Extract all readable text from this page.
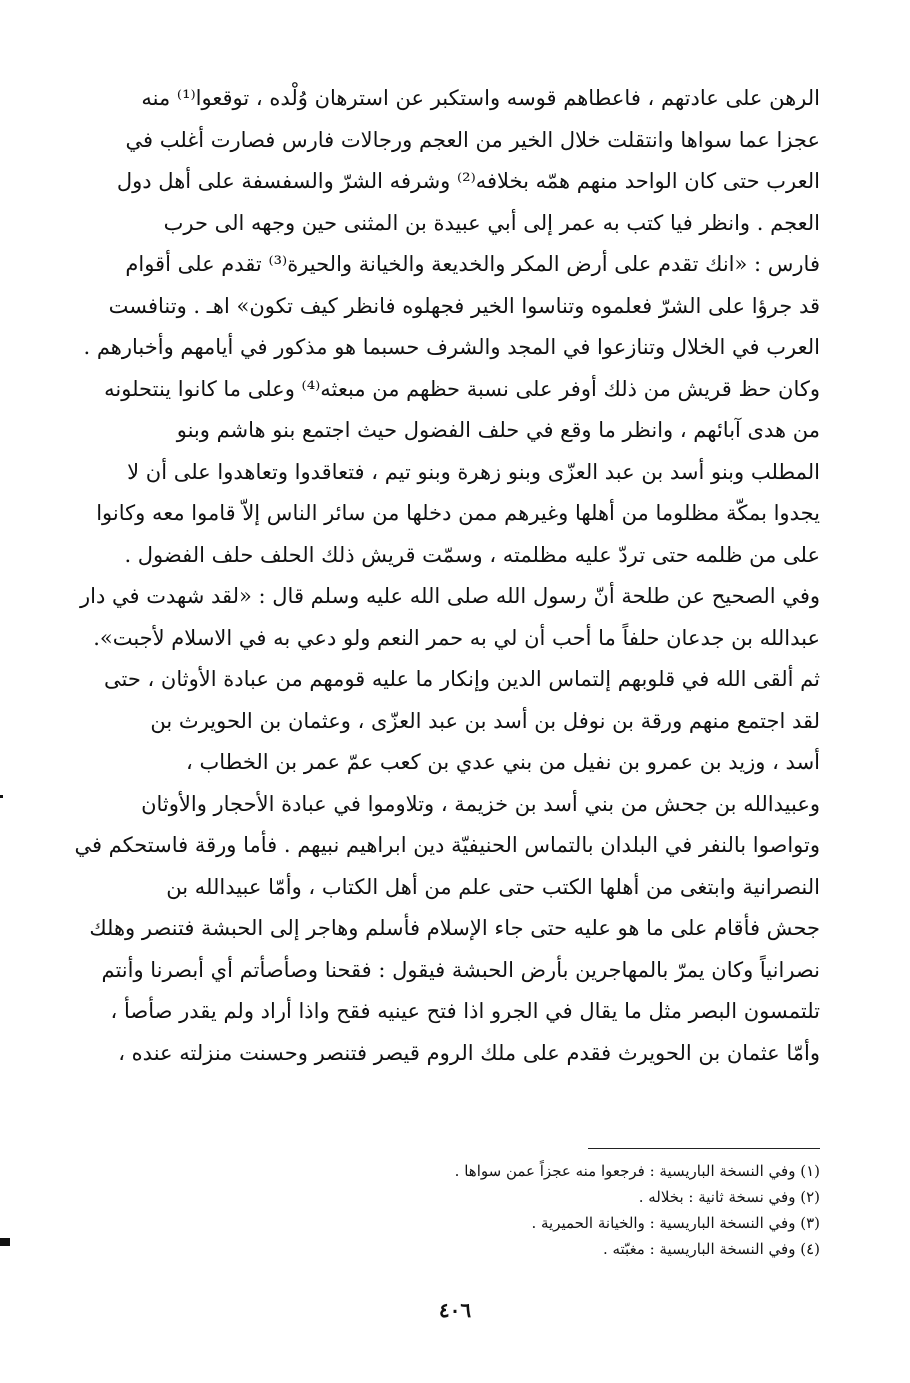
الرهن على عادتهم ، فاعطاهم قوسه واستكبر عن استرهان وُلْده ، توقعوا⁽¹⁾ منه
عجزا عما سواها وانتقلت خلال الخير من العجم ورجالات فارس فصارت أغلب في
العرب حتى كان الواحد منهم همّه بخلافه⁽²⁾ وشرفه الشرّ والسفسفة على أهل دول
العجم . وانظر فيا كتب به عمر إلى أبي عبيدة بن المثنى حين وجهه الى حرب
فارس : «انك تقدم على أرض المكر والخديعة والخيانة والحيرة⁽³⁾ تقدم على أقوام
قد جرؤا على الشرّ فعلموه وتناسوا الخير فجهلوه فانظر كيف تكون» اهـ . وتنافست
العرب في الخلال وتنازعوا في المجد والشرف حسبما هو مذكور في أيامهم وأخبارهم .
وكان حظ قريش من ذلك أوفر على نسبة حظهم من مبعثه⁽⁴⁾ وعلى ما كانوا ينتحلونه
من هدى آبائهم ، وانظر ما وقع في حلف الفضول حيث اجتمع بنو هاشم وبنو
المطلب وبنو أسد بن عبد العزّى وبنو زهرة وبنو تيم ، فتعاقدوا وتعاهدوا على أن لا
يجدوا بمكّة مظلوما من أهلها وغيرهم ممن دخلها من سائر الناس إلاّ قاموا معه وكانوا
على من ظلمه حتى تردّ عليه مظلمته ، وسمّت قريش ذلك الحلف حلف الفضول .
وفي الصحيح عن طلحة أنّ رسول الله صلى الله عليه وسلم قال : «لقد شهدت في دار
عبدالله بن جدعان حلفاً ما أحب أن لي به حمر النعم ولو دعي به في الاسلام لأجبت».
ثم ألقى الله في قلوبهم إلتماس الدين وإنكار ما عليه قومهم من عبادة الأوثان ، حتى
لقد اجتمع منهم ورقة بن نوفل بن أسد بن عبد العزّى ، وعثمان بن الحويرث بن
أسد ، وزيد بن عمرو بن نفيل من بني عدي بن كعب عمّ عمر بن الخطاب ،
وعبيدالله بن جحش من بني أسد بن خزيمة ، وتلاوموا في عبادة الأحجار والأوثان
وتواصوا بالنفر في البلدان بالتماس الحنيفيّة دين ابراهيم نبيهم . فأما ورقة فاستحكم في
النصرانية وابتغى من أهلها الكتب حتى علم من أهل الكتاب ، وأمّا عبيدالله بن
جحش فأقام على ما هو عليه حتى جاء الإسلام فأسلم وهاجر إلى الحبشة فتنصر وهلك
نصرانياً وكان يمرّ بالمهاجرين بأرض الحبشة فيقول : فقحنا وصأصأتم أي أبصرنا وأنتم
تلتمسون البصر مثل ما يقال في الجرو اذا فتح عينيه فقح واذا أراد ولم يقدر صأصأ ،
وأمّا عثمان بن الحويرث فقدم على ملك الروم قيصر فتنصر وحسنت منزلته عنده ،
(١) وفي النسخة الباريسية : فرجعوا منه عجزاً عمن سواها .
(٢) وفي نسخة ثانية : بخلاله .
(٣) وفي النسخة الباريسية : والخيانة الحميرية .
(٤) وفي النسخة الباريسية : مغبّته .
٤٠٦
